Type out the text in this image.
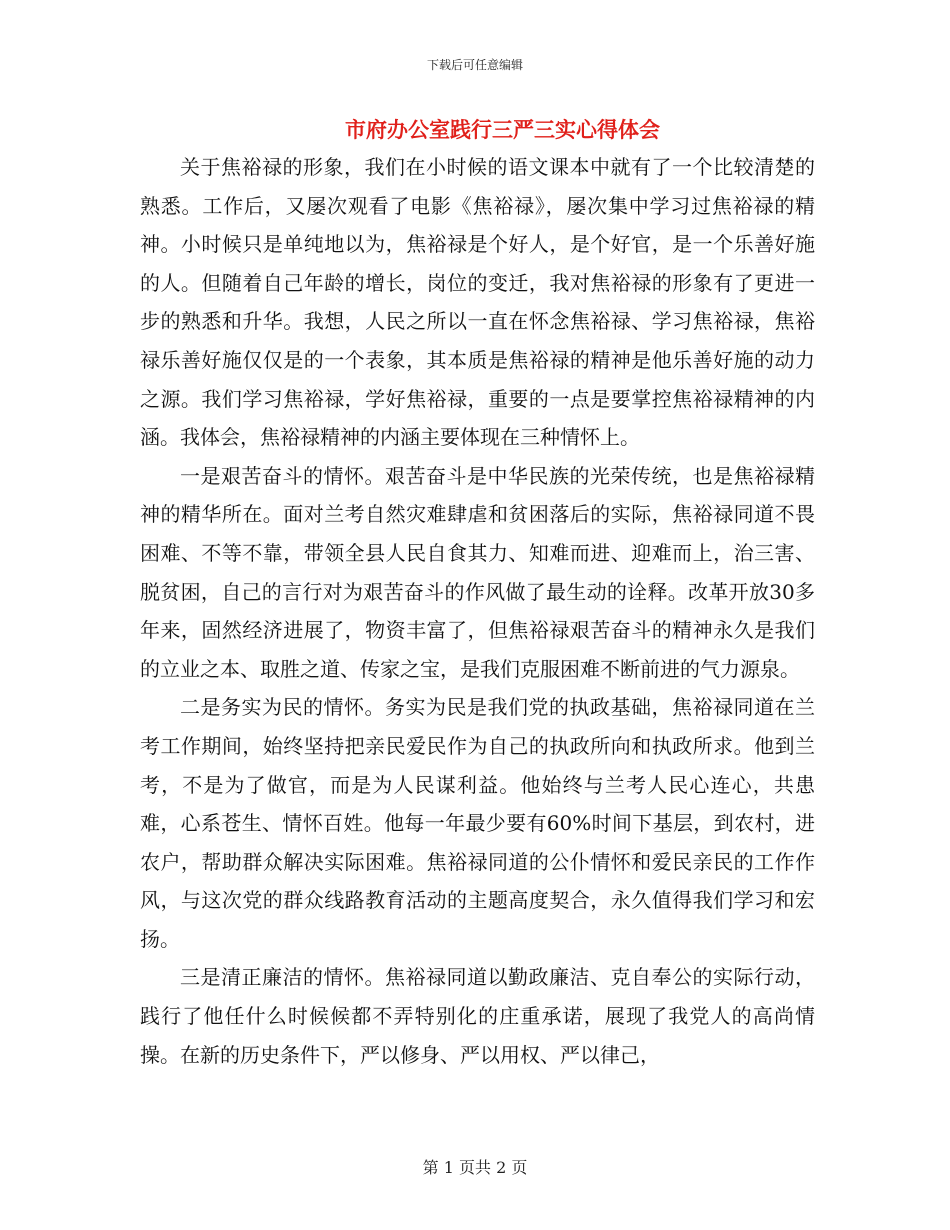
下载后可任意编辑
市府办公室践行三严三实心得体会

关于焦裕禄的形象，我们在小时候的语文课本中就有了一个比较清楚的熟悉。工作后，又屡次观看了电影《焦裕禄》，屡次集中学习过焦裕禄的精神。小时候只是单纯地以为，焦裕禄是个好人，是个好官，是一个乐善好施的人。但随着自己年龄的增长，岗位的变迁，我对焦裕禄的形象有了更进一步的熟悉和升华。我想，人民之所以一直在怀念焦裕禄、学习焦裕禄，焦裕禄乐善好施仅仅是的一个表象，其本质是焦裕禄的精神是他乐善好施的动力之源。我们学习焦裕禄，学好焦裕禄，重要的一点是要掌控焦裕禄精神的内涵。我体会，焦裕禄精神的内涵主要体现在三种情怀上。

一是艰苦奋斗的情怀。艰苦奋斗是中华民族的光荣传统，也是焦裕禄精神的精华所在。面对兰考自然灾难肆虐和贫困落后的实际，焦裕禄同道不畏困难、不等不靠，带领全县人民自食其力、知难而进、迎难而上，治三害、脱贫困，自己的言行对为艰苦奋斗的作风做了最生动的诠释。改革开放30多年来，固然经济进展了，物资丰富了，但焦裕禄艰苦奋斗的精神永久是我们的立业之本、取胜之道、传家之宝，是我们克服困难不断前进的气力源泉。

二是务实为民的情怀。务实为民是我们党的执政基础，焦裕禄同道在兰考工作期间，始终坚持把亲民爱民作为自己的执政所向和执政所求。他到兰考，不是为了做官，而是为人民谋利益。他始终与兰考人民心连心，共患难，心系苍生、情怀百姓。他每一年最少要有60%时间下基层，到农村，进农户，帮助群众解决实际困难。焦裕禄同道的公仆情怀和爱民亲民的工作作风，与这次党的群众线路教育活动的主题高度契合，永久值得我们学习和宏扬。

三是清正廉洁的情怀。焦裕禄同道以勤政廉洁、克自奉公的实际行动，践行了他任什么时候候都不弄特别化的庄重承诺，展现了我党人的高尚情操。在新的历史条件下，严以修身、严以用权、严以律己，

第 1 页共 2 页
